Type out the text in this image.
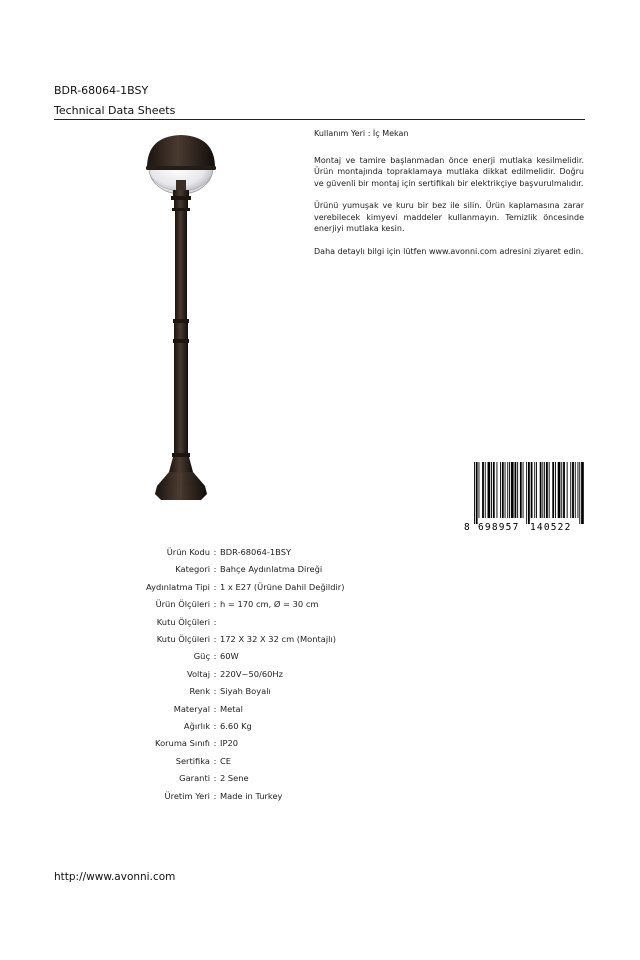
BDR-68064-1BSY
Technical Data Sheets

Kullanım Yeri : İç Mekan

Montaj ve tamire başlanmadan önce enerji mutlaka kesilmelidir. Ürün montajında topraklamaya mutlaka dikkat edilmelidir. Doğru ve güvenli bir montaj için sertifikalı bir elektrikçiye başvurulmalıdır.

Ürünü yumuşak ve kuru bir bez ile silin. Ürün kaplamasına zarar verebilecek kimyevi maddeler kullanmayın. Temizlik öncesinde enerjiyi mutlaka kesin.

Daha detaylı bilgi için lütfen www.avonni.com adresini ziyaret edin.

8 698957 140522
Ürün Kodu	:	BDR-68064-1BSY
Kategori	:	Bahçe Aydınlatma Direği
Aydınlatma Tipi	:	1 x E27 (Ürüne Dahil Değildir)
Ürün Ölçüleri	:	h = 170 cm, Ø = 30 cm
Kutu Ölçüleri	:	
Kutu Ölçüleri	:	172 X 32 X 32 cm (Montajlı)
Güç	:	60W
Voltaj	:	220V~50/60Hz
Renk	:	Siyah Boyalı
Materyal	:	Metal
Ağırlık	:	6.60 Kg
Koruma Sınıfı	:	IP20
Sertifika	:	CE
Garanti	:	2 Sene
Üretim Yeri	:	Made in Turkey
http://www.avonni.com
